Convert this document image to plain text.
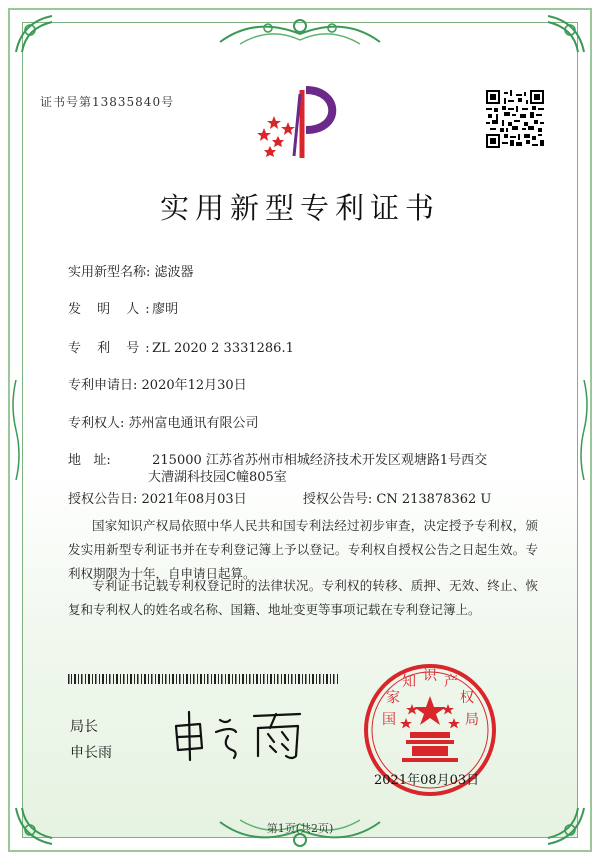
证书号第13835840号
实用新型专利证书
实用新型名称: 滤波器
发 明 人: 廖明
专 利 号: ZL 2020 2 3331286.1
专利申请日: 2020年12月30日
专利权人: 苏州富电通讯有限公司
地   址:	215000 江苏省苏州市相城经济技术开发区观塘路1号西交
大漕湖科技园C幢805室
授权公告日: 2021年08月03日	授权公告号: CN 213878362 U
国家知识产权局依照中华人民共和国专利法经过初步审查，决定授予专利权，颁发实用新型专利证书并在专利登记簿上予以登记。专利权自授权公告之日起生效。专利权期限为十年，自申请日起算。
专利证书记载专利权登记时的法律状况。专利权的转移、质押、无效、终止、恢复和专利权人的姓名或名称、国籍、地址变更等事项记载在专利登记簿上。
局长
申长雨
国
家
知 识 产
权
局
2021年08月03日
第1页(共2页)
